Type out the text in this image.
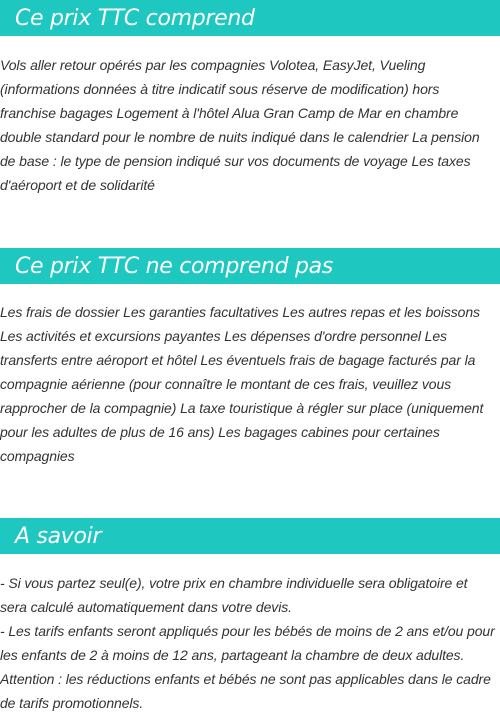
Ce prix TTC comprend

Vols aller retour opérés par les compagnies Volotea, EasyJet, Vueling
(informations données à titre indicatif sous réserve de modification) hors
franchise bagages Logement à l'hôtel Alua Gran Camp de Mar en chambre
double standard pour le nombre de nuits indiqué dans le calendrier La pension
de base : le type de pension indiqué sur vos documents de voyage Les taxes
d'aéroport et de solidarité

Ce prix TTC ne comprend pas

Les frais de dossier Les garanties facultatives Les autres repas et les boissons
Les activités et excursions payantes Les dépenses d'ordre personnel Les
transferts entre aéroport et hôtel Les éventuels frais de bagage facturés par la
compagnie aérienne (pour connaître le montant de ces frais, veuillez vous
rapprocher de la compagnie) La taxe touristique à régler sur place (uniquement
pour les adultes de plus de 16 ans) Les bagages cabines pour certaines
compagnies

A savoir

- Si vous partez seul(e), votre prix en chambre individuelle sera obligatoire et
sera calculé automatiquement dans votre devis.
- Les tarifs enfants seront appliqués pour les bébés de moins de 2 ans et/ou pour
les enfants de 2 à moins de 12 ans, partageant la chambre de deux adultes.
Attention : les réductions enfants et bébés ne sont pas applicables dans le cadre
de tarifs promotionnels.
